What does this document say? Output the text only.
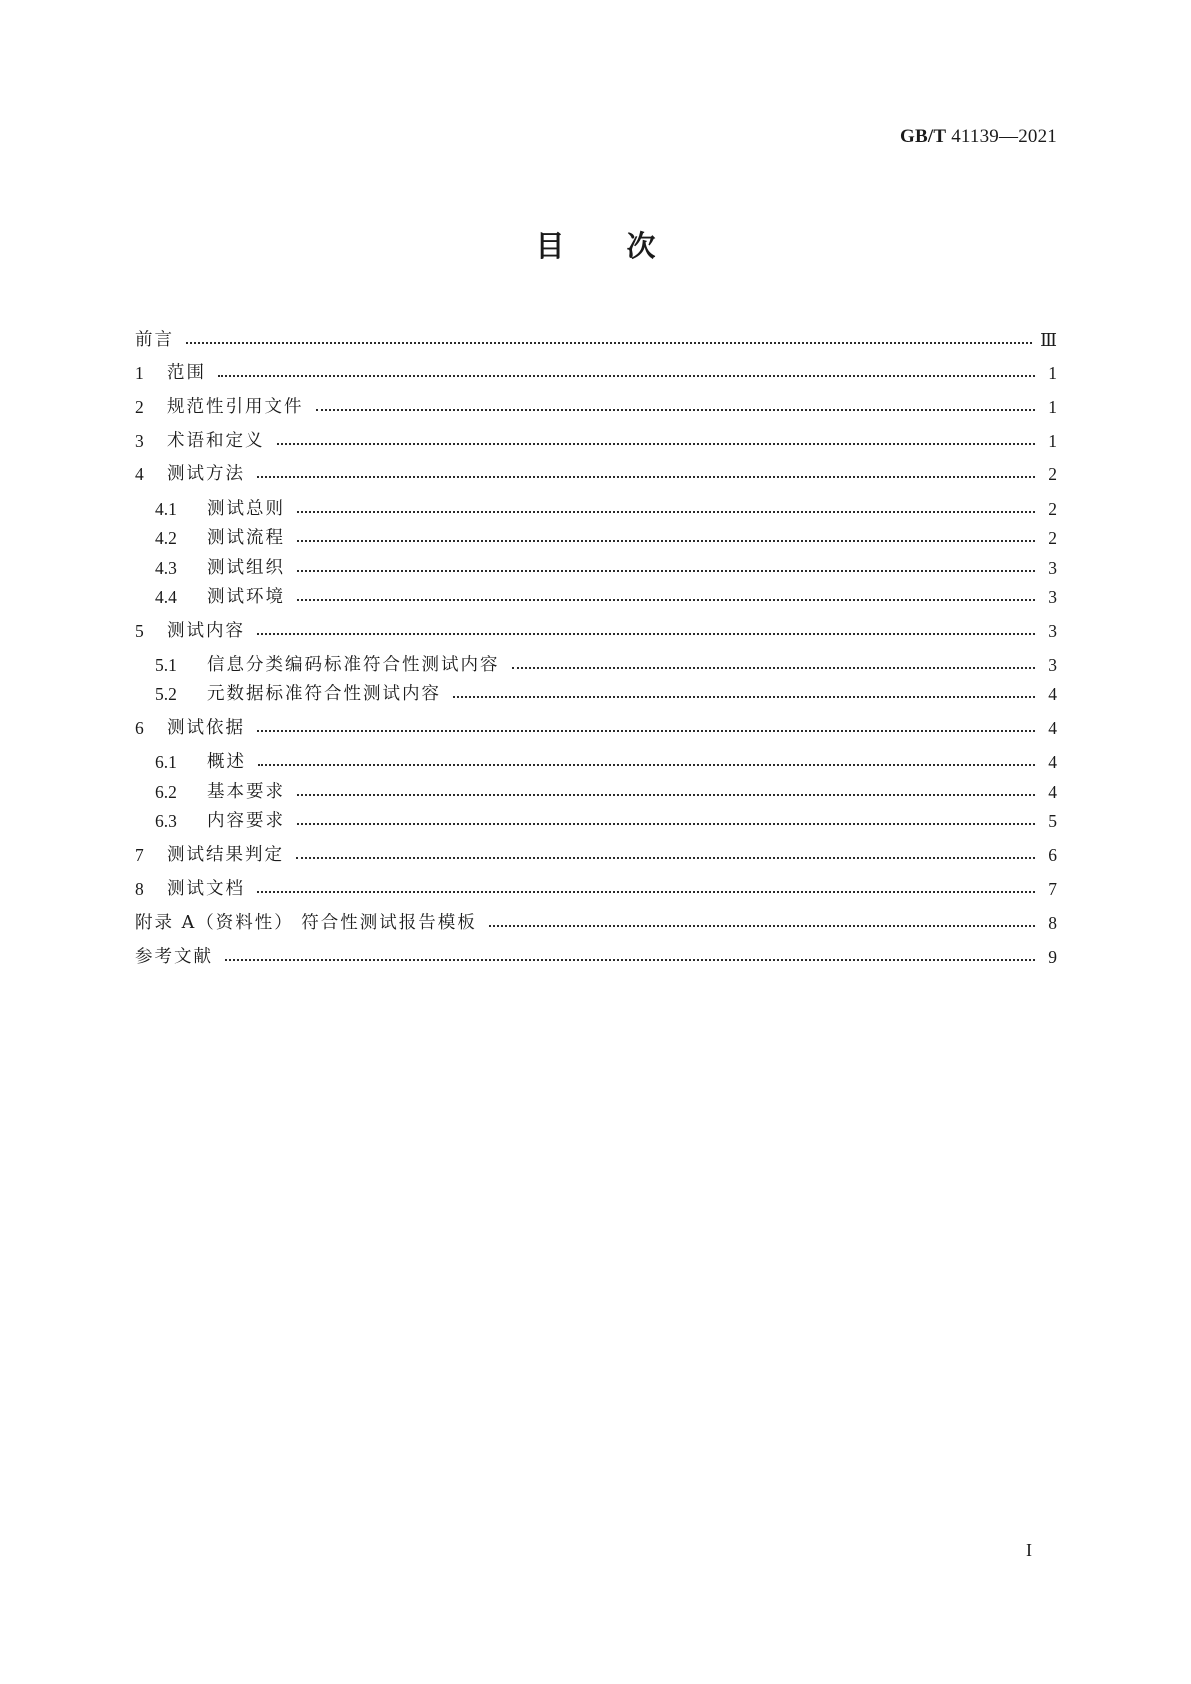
GB/T 41139—2021
目 次
前言	Ⅲ
1	范围	1
2	规范性引用文件	1
3	术语和定义	1
4	测试方法	2
4.1	测试总则	2
4.2	测试流程	2
4.3	测试组织	3
4.4	测试环境	3
5	测试内容	3
5.1	信息分类编码标准符合性测试内容	3
5.2	元数据标准符合性测试内容	4
6	测试依据	4
6.1	概述	4
6.2	基本要求	4
6.3	内容要求	5
7	测试结果判定	6
8	测试文档	7
附录 A（资料性） 符合性测试报告模板	8
参考文献	9
I
